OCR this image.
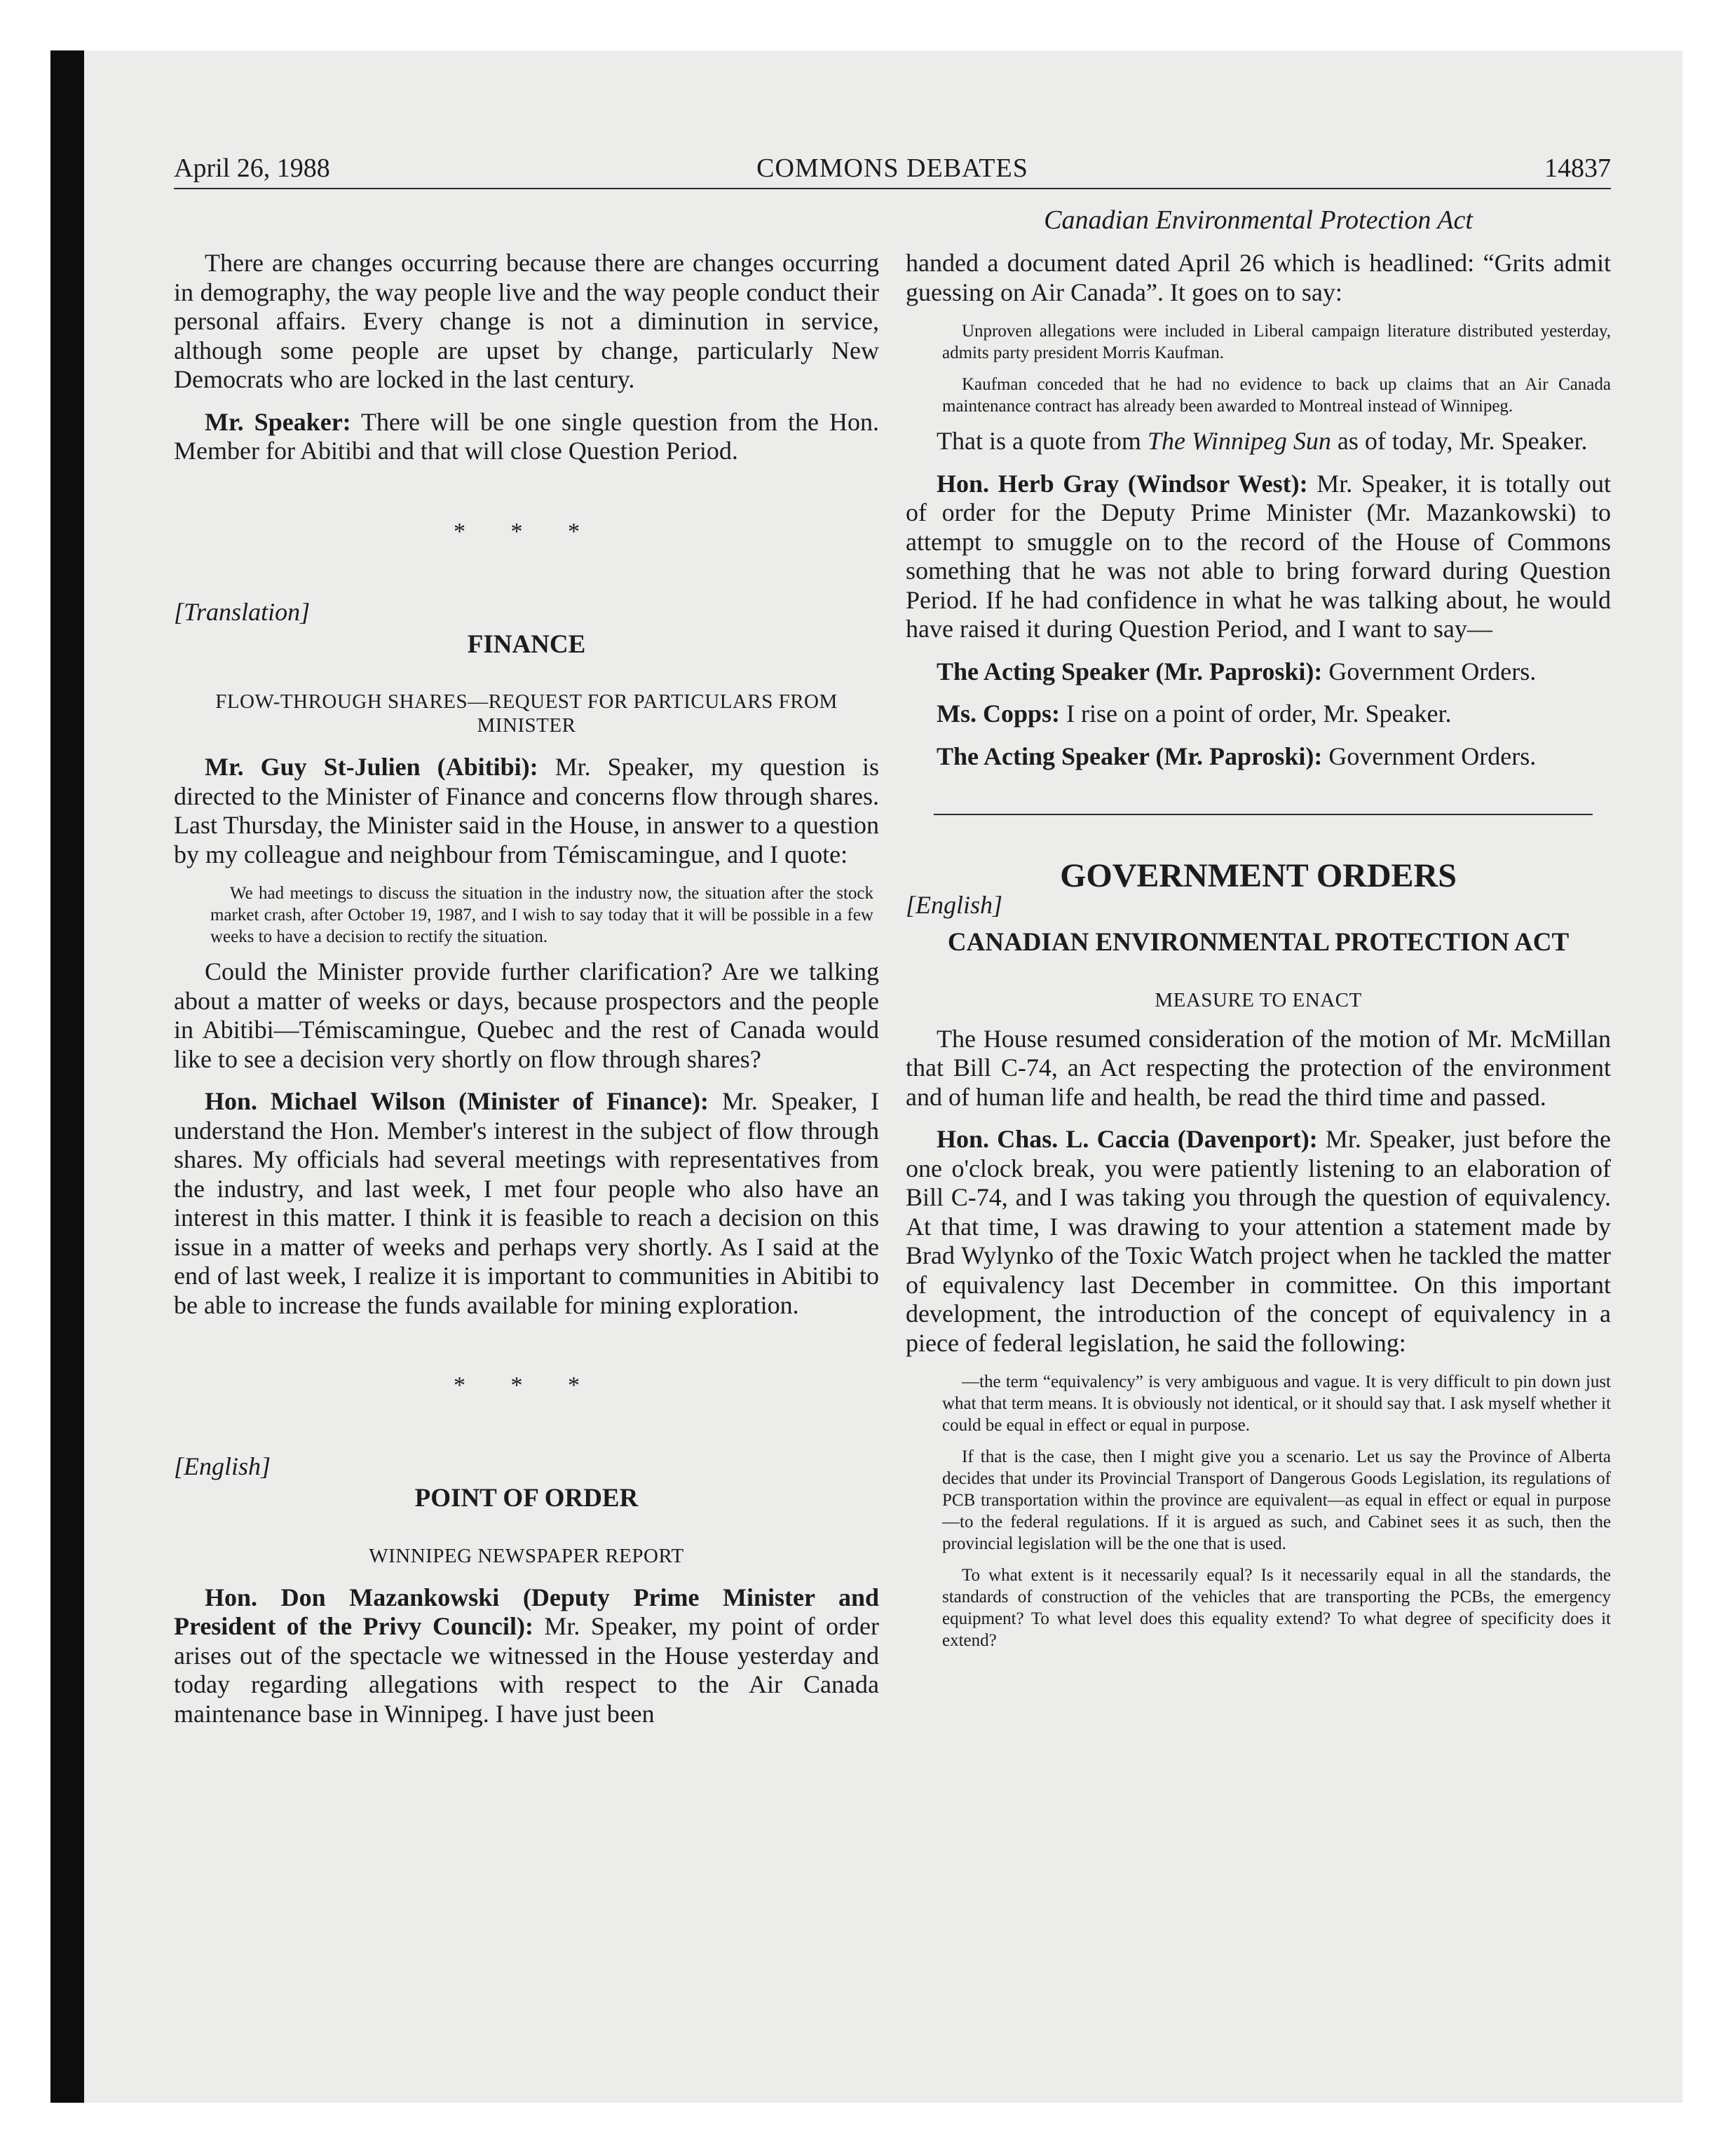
April 26, 1988	COMMONS DEBATES	14837
Canadian Environmental Protection Act

There are changes occurring because there are changes occurring in demography, the way people live and the way people conduct their personal affairs. Every change is not a diminution in service, although some people are upset by change, particularly New Democrats who are locked in the last century.

Mr. Speaker: There will be one single question from the Hon. Member for Abitibi and that will close Question Period.

* * *
[Translation]
FINANCE
FLOW-THROUGH SHARES—REQUEST FOR PARTICULARS FROM MINISTER

Mr. Guy St-Julien (Abitibi): Mr. Speaker, my question is directed to the Minister of Finance and concerns flow through shares. Last Thursday, the Minister said in the House, in answer to a question by my colleague and neighbour from Témiscamingue, and I quote:

We had meetings to discuss the situation in the industry now, the situation after the stock market crash, after October 19, 1987, and I wish to say today that it will be possible in a few weeks to have a decision to rectify the situation.

Could the Minister provide further clarification? Are we talking about a matter of weeks or days, because prospectors and the people in Abitibi—Témiscamingue, Quebec and the rest of Canada would like to see a decision very shortly on flow through shares?

Hon. Michael Wilson (Minister of Finance): Mr. Speaker, I understand the Hon. Member's interest in the subject of flow through shares. My officials had several meetings with representatives from the industry, and last week, I met four people who also have an interest in this matter. I think it is feasible to reach a decision on this issue in a matter of weeks and perhaps very shortly. As I said at the end of last week, I realize it is important to communities in Abitibi to be able to increase the funds available for mining exploration.

* * *
[English]
POINT OF ORDER
WINNIPEG NEWSPAPER REPORT

Hon. Don Mazankowski (Deputy Prime Minister and President of the Privy Council): Mr. Speaker, my point of order arises out of the spectacle we witnessed in the House yesterday and today regarding allegations with respect to the Air Canada maintenance base in Winnipeg. I have just been

handed a document dated April 26 which is headlined: “Grits admit guessing on Air Canada”. It goes on to say:

Unproven allegations were included in Liberal campaign literature distributed yesterday, admits party president Morris Kaufman.
Kaufman conceded that he had no evidence to back up claims that an Air Canada maintenance contract has already been awarded to Montreal instead of Winnipeg.

That is a quote from The Winnipeg Sun as of today, Mr. Speaker.

Hon. Herb Gray (Windsor West): Mr. Speaker, it is totally out of order for the Deputy Prime Minister (Mr. Mazankowski) to attempt to smuggle on to the record of the House of Commons something that he was not able to bring forward during Question Period. If he had confidence in what he was talking about, he would have raised it during Question Period, and I want to say—

The Acting Speaker (Mr. Paproski): Government Orders.

Ms. Copps: I rise on a point of order, Mr. Speaker.

The Acting Speaker (Mr. Paproski): Government Orders.

GOVERNMENT ORDERS
[English]
CANADIAN ENVIRONMENTAL PROTECTION ACT
MEASURE TO ENACT

The House resumed consideration of the motion of Mr. McMillan that Bill C-74, an Act respecting the protection of the environment and of human life and health, be read the third time and passed.

Hon. Chas. L. Caccia (Davenport): Mr. Speaker, just before the one o'clock break, you were patiently listening to an elaboration of Bill C-74, and I was taking you through the question of equivalency. At that time, I was drawing to your attention a statement made by Brad Wylynko of the Toxic Watch project when he tackled the matter of equivalency last December in committee. On this important development, the introduction of the concept of equivalency in a piece of federal legislation, he said the following:

—the term “equivalency” is very ambiguous and vague. It is very difficult to pin down just what that term means. It is obviously not identical, or it should say that. I ask myself whether it could be equal in effect or equal in purpose.
If that is the case, then I might give you a scenario. Let us say the Province of Alberta decides that under its Provincial Transport of Dangerous Goods Legislation, its regulations of PCB transportation within the province are equivalent—as equal in effect or equal in purpose—to the federal regulations. If it is argued as such, and Cabinet sees it as such, then the provincial legislation will be the one that is used.
To what extent is it necessarily equal? Is it necessarily equal in all the standards, the standards of construction of the vehicles that are transporting the PCBs, the emergency equipment? To what level does this equality extend? To what degree of specificity does it extend?
